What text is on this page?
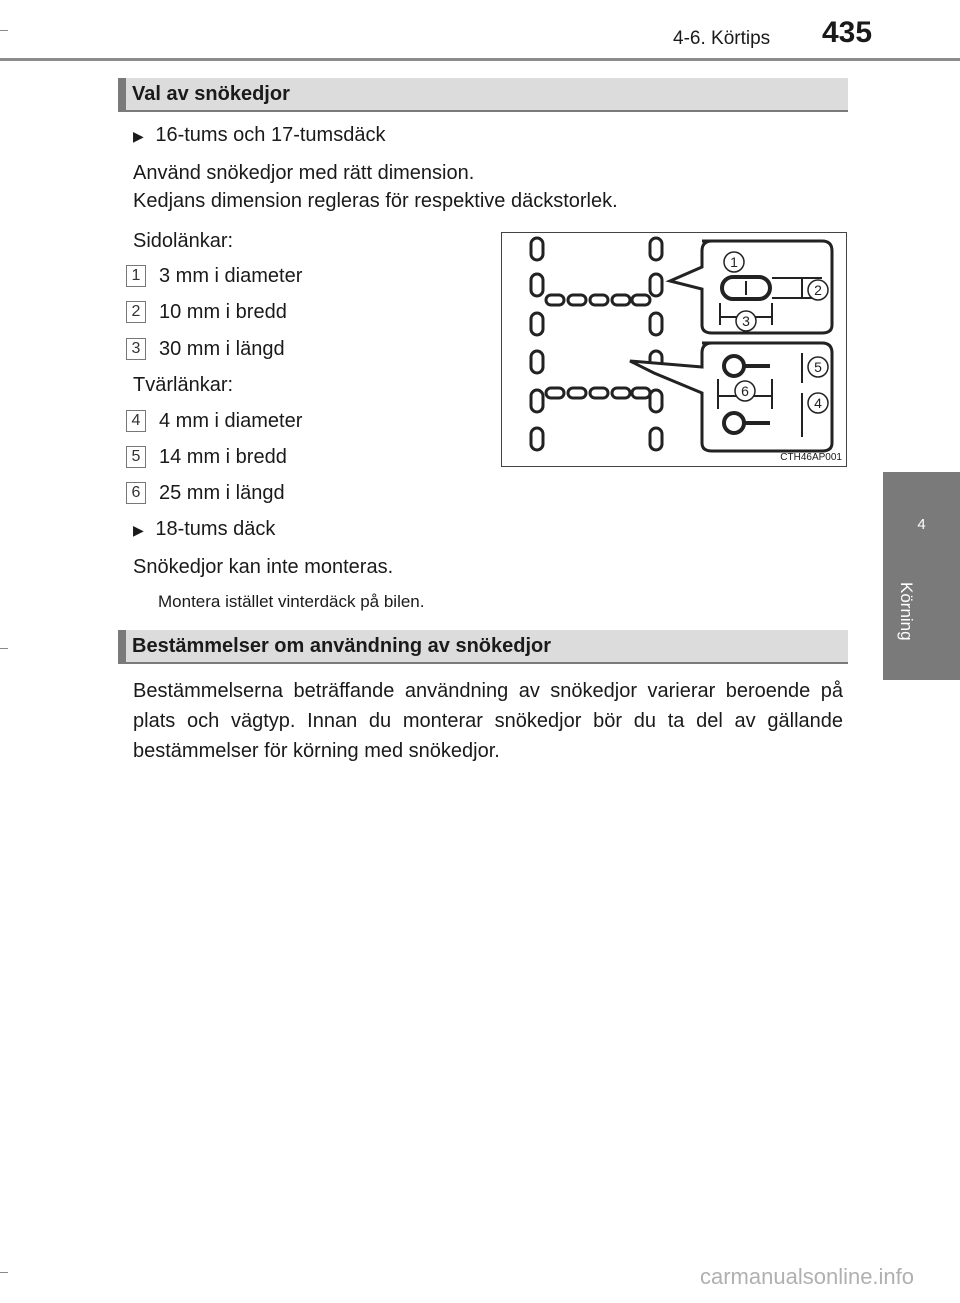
4-6. Körtips 435
4
Körning
Val av snökedjor
▶ 16-tums och 17-tumsdäck
Använd snökedjor med rätt dimension.
Kedjans dimension regleras för respektive däckstorlek.
Sidolänkar:
1 3 mm i diameter
2 10 mm i bredd
3 30 mm i längd
Tvärlänkar:
4 4 mm i diameter
5 14 mm i bredd
6 25 mm i längd
▶ 18-tums däck
Snökedjor kan inte monteras.
Montera istället vinterdäck på bilen.
1
2
3
5
6
4
CTH46AP001
Bestämmelser om användning av snökedjor
Bestämmelserna beträffande användning av snökedjor varierar beroende på plats och vägtyp. Innan du monterar snökedjor bör du ta del av gällande bestämmelser för körning med snökedjor.
carmanualsonline.info
